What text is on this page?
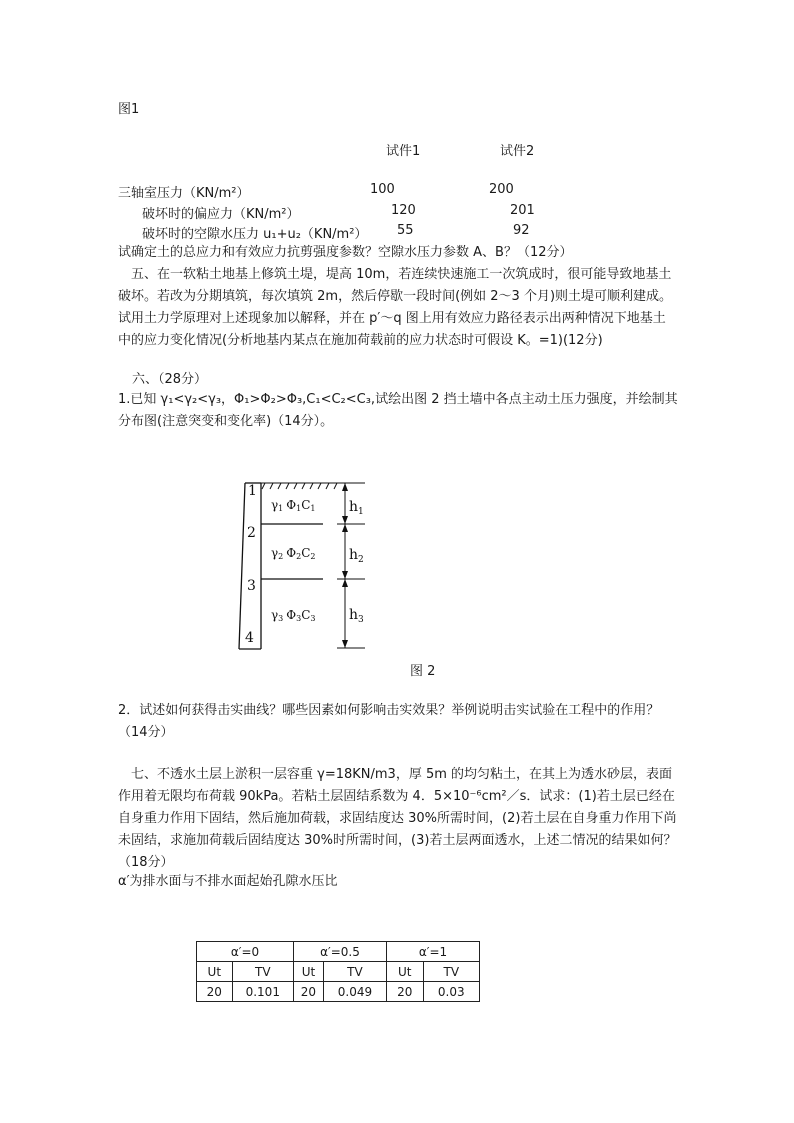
图1
试件1	试件2
三轴室压力（KN/m²）	100	200
破坏时的偏应力（KN/m²）	120	201
破坏时的空隙水压力 u₁+u₂（KN/m²） 55	92
试确定土的总应力和有效应力抗剪强度参数？空隙水压力参数 A、B？（12分）
五、在一软粘土地基上修筑土堤，堤高 10m，若连续快速施工一次筑成时，很可能导致地基土破坏。若改为分期填筑，每次填筑 2m，然后停歇一段时间(例如 2～3 个月)则土堤可顺利建成。试用土力学原理对上述现象加以解释，并在 p′～q 图上用有效应力路径表示出两种情况下地基土中的应力变化情况(分析地基内某点在施加荷载前的应力状态时可假设 K。=1)(12分)
六、（28分）
1.已知 γ₁<γ₂<γ₃，Φ₁>Φ₂>Φ₃,C₁<C₂<C₃,试绘出图 2 挡土墙中各点主动土压力强度，并绘制其分布图(注意突变和变化率)（14分）。
1
2
3
4
γ1 Φ1C1
γ2 Φ2C2
γ3 Φ3C3
$h_1$
$h_2$
$h_3$
图 2
2．试述如何获得击实曲线？哪些因素如何影响击实效果？举例说明击实试验在工程中的作用？（14分）
七、不透水土层上淤积一层容重 γ=18KN/m3，厚 5m 的均匀粘土，在其上为透水砂层，表面作用着无限均布荷载 90kPa。若粘土层固结系数为 4．5×10⁻⁶cm²／s．试求：(1)若土层已经在自身重力作用下固结，然后施加荷载，求固结度达 30%所需时间，(2)若土层在自身重力作用下尚未固结，求施加荷载后固结度达 30%时所需时间，(3)若土层两面透水，上述二情况的结果如何？（18分）
α′为排水面与不排水面起始孔隙水压比
α′=0		α′=0.5		α′=1	
Ut	TV	Ut	TV	Ut	TV
20	0.101	20	0.049	20	0.03
